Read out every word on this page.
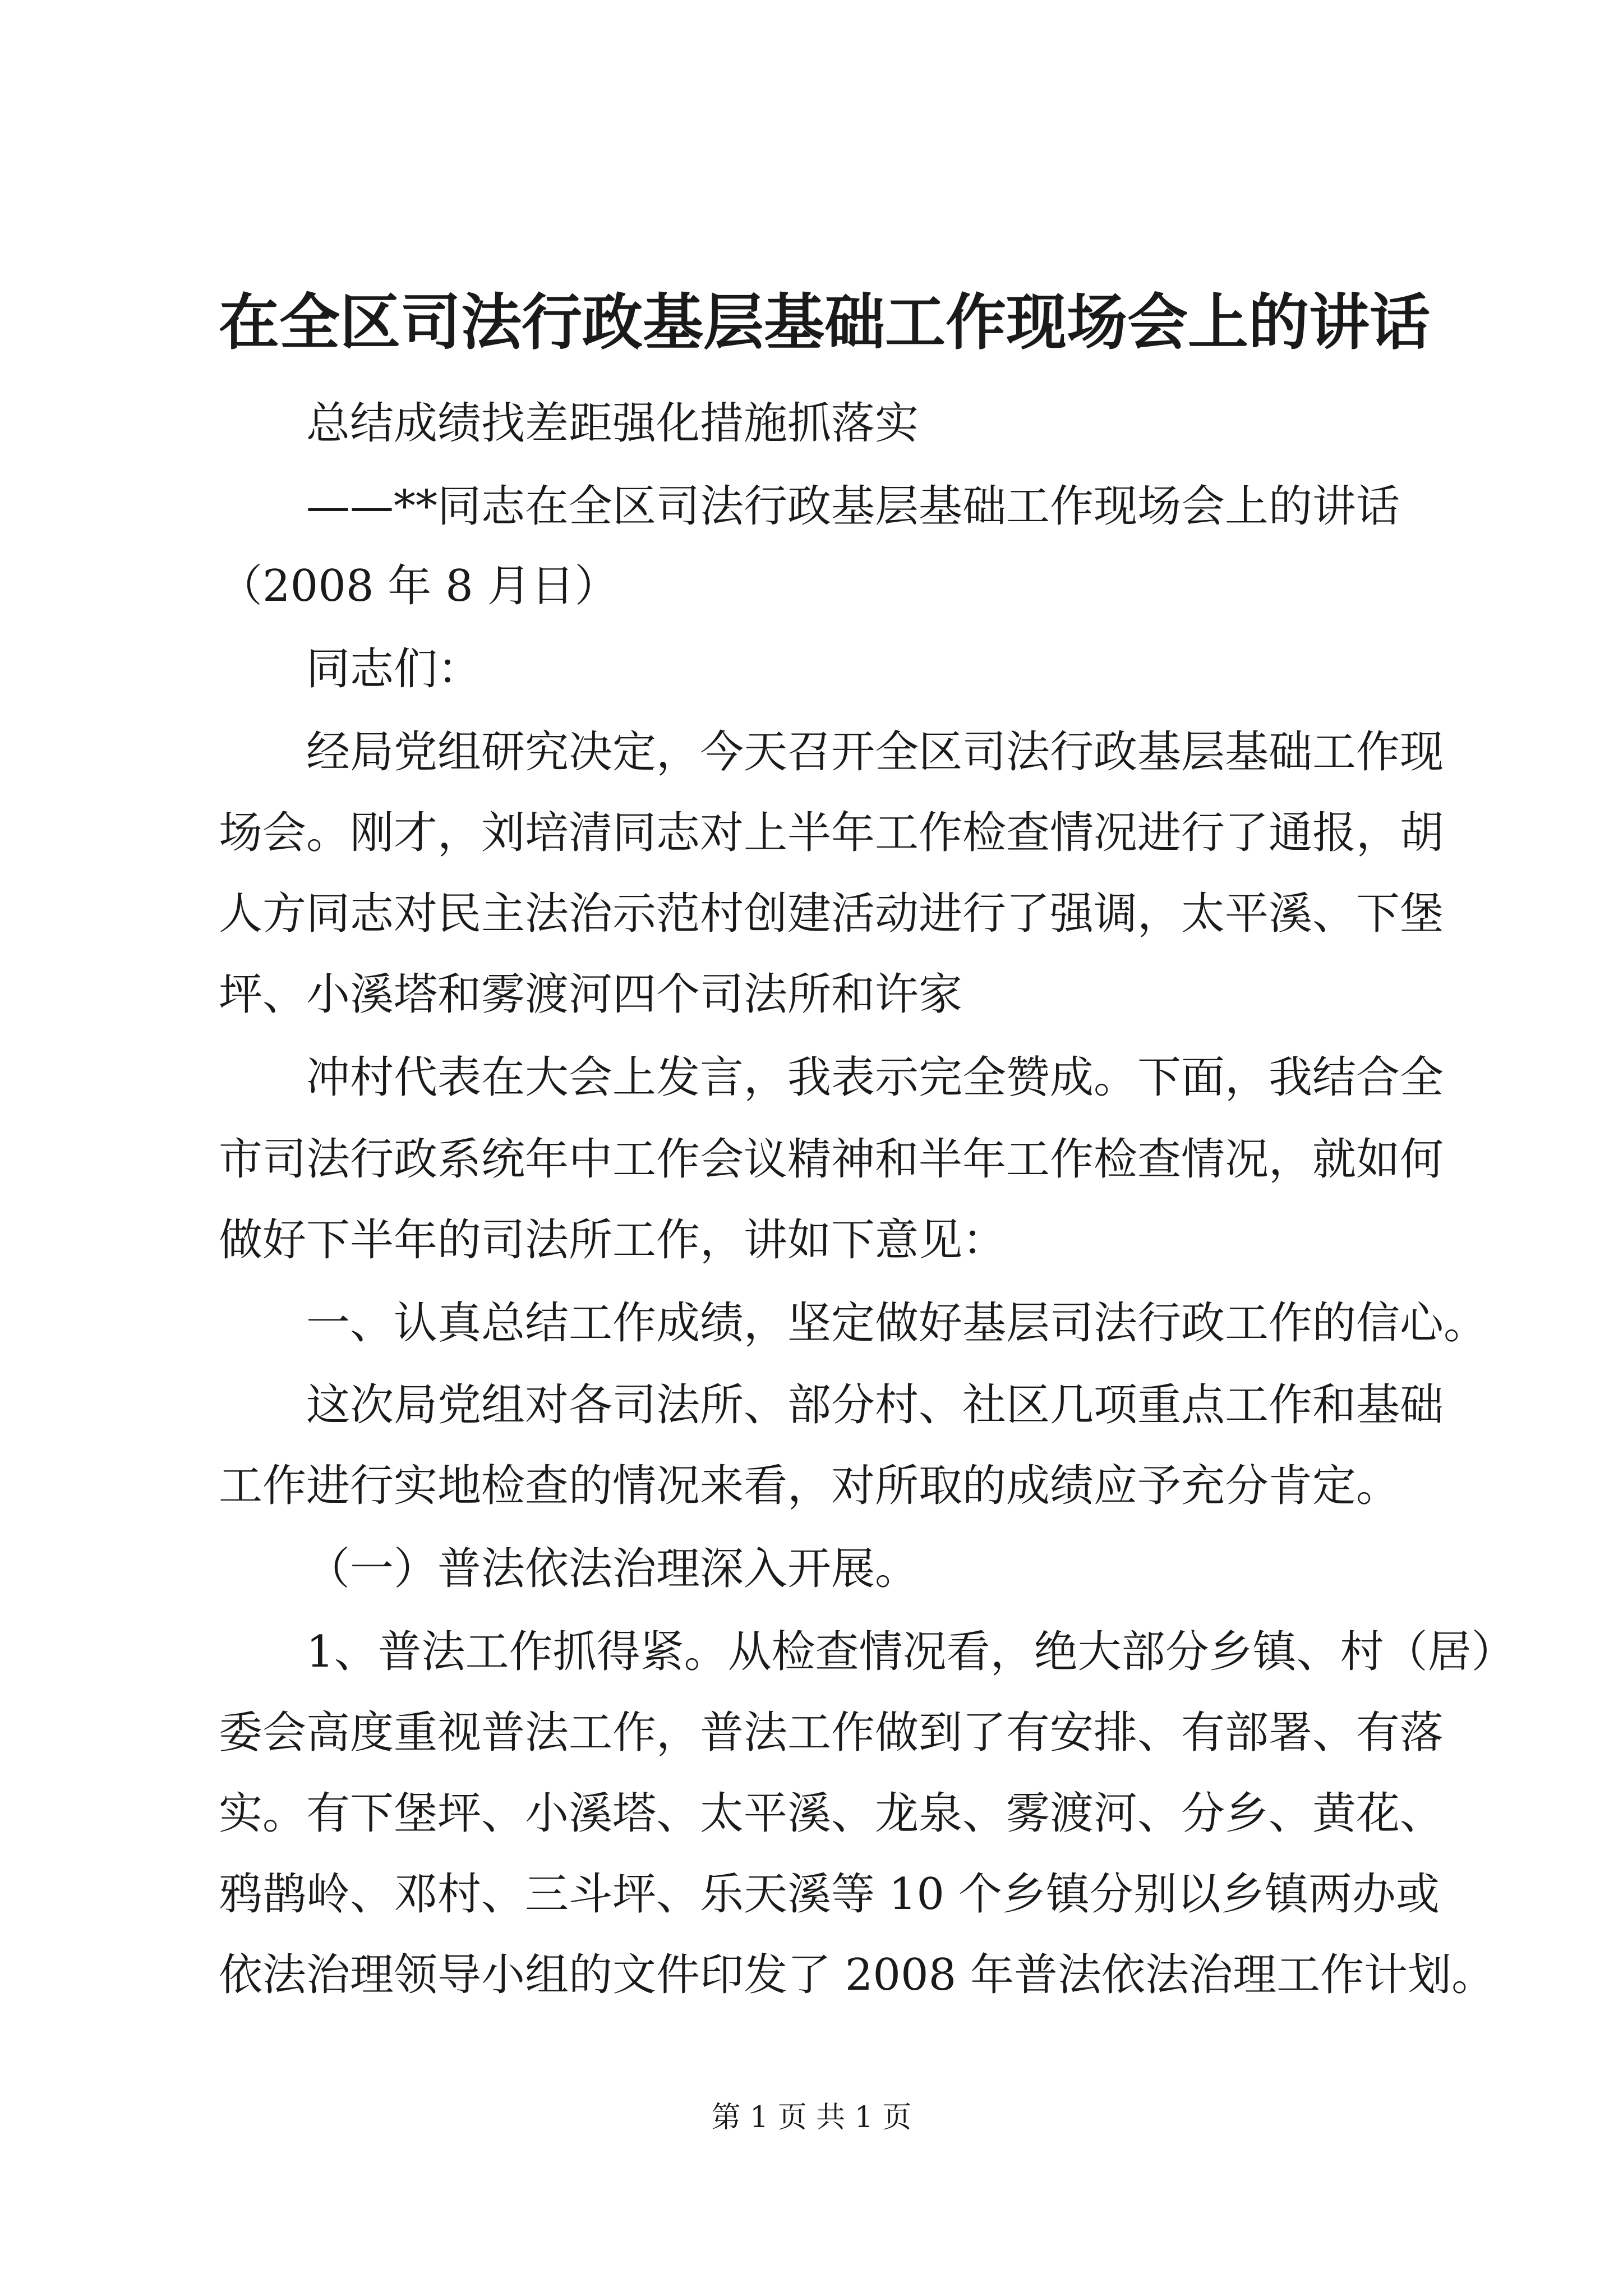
在全区司法行政基层基础工作现场会上的讲话
总结成绩找差距强化措施抓落实
——**同志在全区司法行政基层基础工作现场会上的讲话
（2008 年 8 月日）
同志们：
经局党组研究决定，今天召开全区司法行政基层基础工作现
场会。刚才，刘培清同志对上半年工作检查情况进行了通报，胡
人方同志对民主法治示范村创建活动进行了强调，太平溪、下堡
坪、小溪塔和雾渡河四个司法所和许家
冲村代表在大会上发言，我表示完全赞成。下面，我结合全
市司法行政系统年中工作会议精神和半年工作检查情况，就如何
做好下半年的司法所工作，讲如下意见：
一、认真总结工作成绩，坚定做好基层司法行政工作的信心。
这次局党组对各司法所、部分村、社区几项重点工作和基础
工作进行实地检查的情况来看，对所取的成绩应予充分肯定。
（一）普法依法治理深入开展。
1、普法工作抓得紧。从检查情况看，绝大部分乡镇、村（居）
委会高度重视普法工作，普法工作做到了有安排、有部署、有落
实。有下堡坪、小溪塔、太平溪、龙泉、雾渡河、分乡、黄花、
鸦鹊岭、邓村、三斗坪、乐天溪等 10 个乡镇分别以乡镇两办或
依法治理领导小组的文件印发了 2008 年普法依法治理工作计划。
第 1 页 共 1 页
